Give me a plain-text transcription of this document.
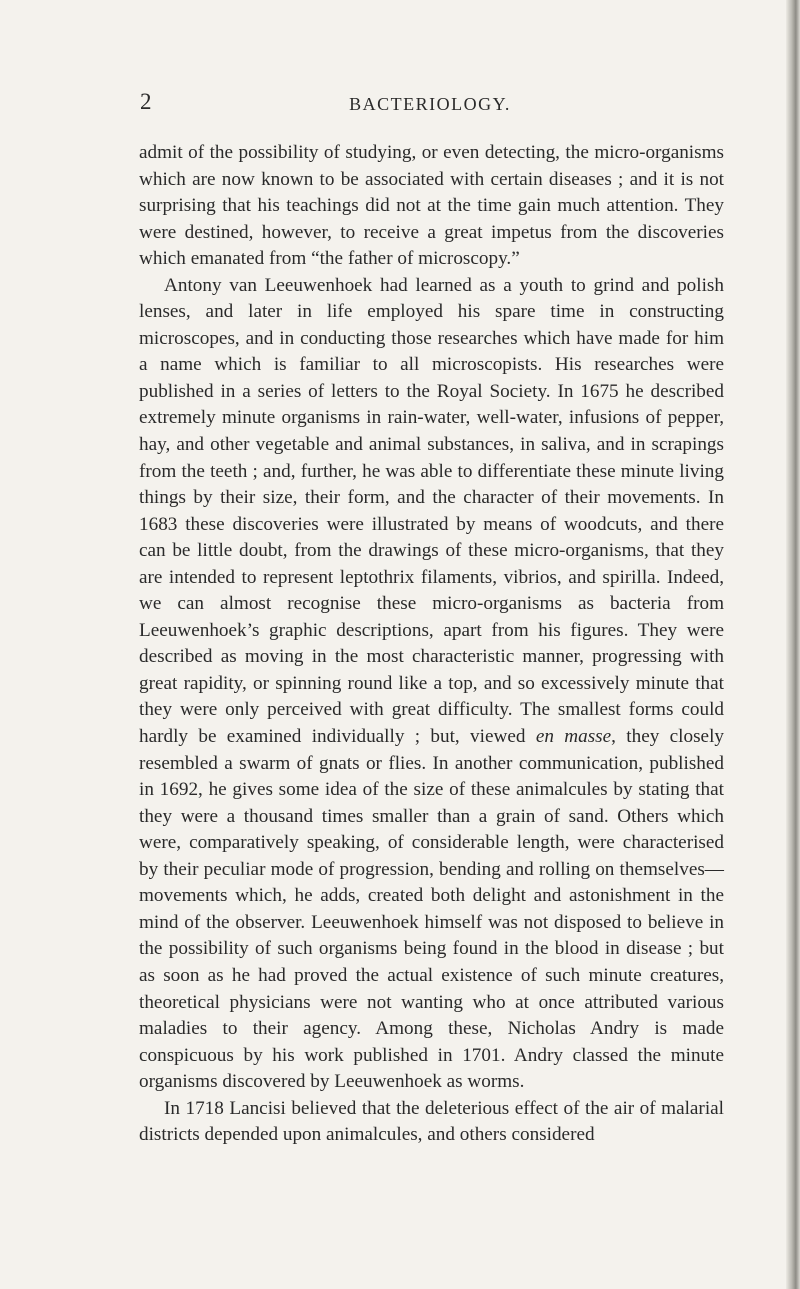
2	BACTERIOLOGY.

admit of the possibility of studying, or even detecting, the micro-organisms which are now known to be associated with certain diseases ; and it is not surprising that his teachings did not at the time gain much attention. They were destined, however, to receive a great impetus from the discoveries which emanated from “the father of microscopy.”

Antony van Leeuwenhoek had learned as a youth to grind and polish lenses, and later in life employed his spare time in constructing microscopes, and in conducting those researches which have made for him a name which is familiar to all microscopists. His researches were published in a series of letters to the Royal Society. In 1675 he described extremely minute organisms in rain-water, well-water, infusions of pepper, hay, and other vegetable and animal substances, in saliva, and in scrapings from the teeth ; and, further, he was able to differentiate these minute living things by their size, their form, and the character of their movements. In 1683 these discoveries were illustrated by means of woodcuts, and there can be little doubt, from the drawings of these micro-organisms, that they are intended to represent leptothrix filaments, vibrios, and spirilla. Indeed, we can almost recognise these micro-organisms as bacteria from Leeuwenhoek’s graphic descriptions, apart from his figures. They were described as moving in the most characteristic manner, progressing with great rapidity, or spinning round like a top, and so excessively minute that they were only perceived with great difficulty. The smallest forms could hardly be examined individually ; but, viewed en masse, they closely resembled a swarm of gnats or flies. In another communication, published in 1692, he gives some idea of the size of these animalcules by stating that they were a thousand times smaller than a grain of sand. Others which were, comparatively speaking, of considerable length, were characterised by their peculiar mode of progression, bending and rolling on themselves—movements which, he adds, created both delight and astonishment in the mind of the observer. Leeuwenhoek himself was not disposed to believe in the possibility of such organisms being found in the blood in disease ; but as soon as he had proved the actual existence of such minute creatures, theoretical physicians were not wanting who at once attributed various maladies to their agency. Among these, Nicholas Andry is made conspicuous by his work published in 1701. Andry classed the minute organisms discovered by Leeuwenhoek as worms.

In 1718 Lancisi believed that the deleterious effect of the air of malarial districts depended upon animalcules, and others considered
